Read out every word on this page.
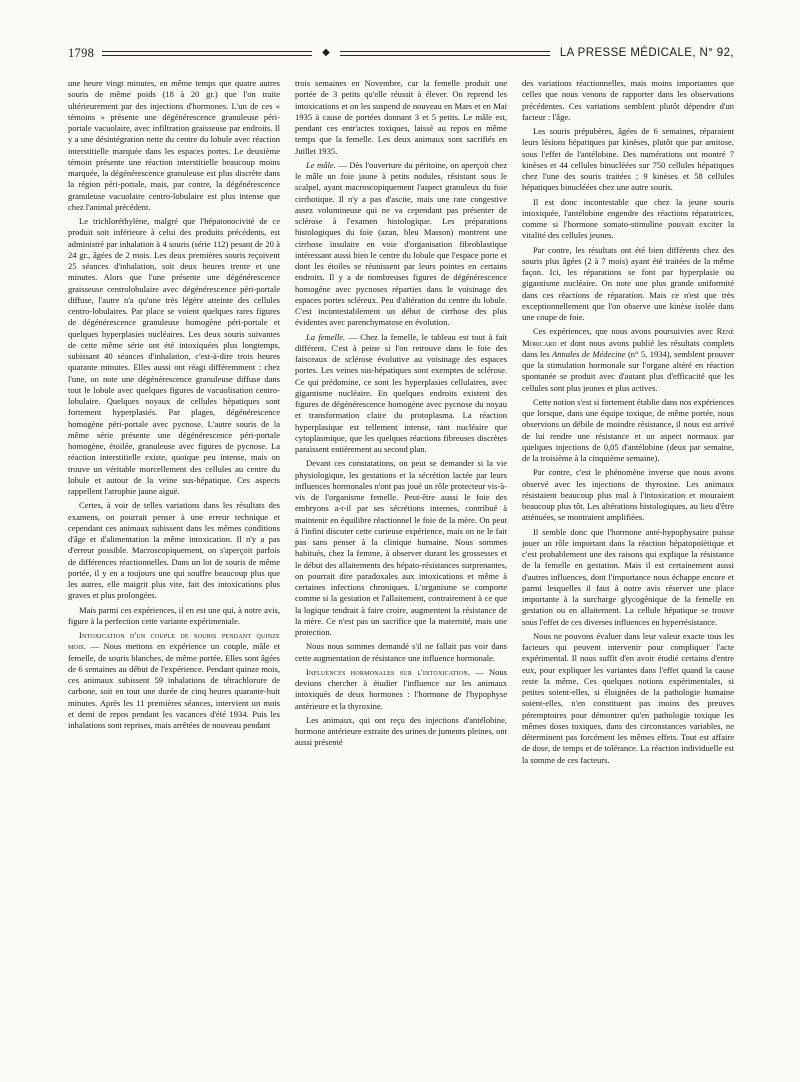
1798	◆	LA PRESSE MÉDICALE, N° 92,

une heure vingt minutes, en même temps que quatre autres souris de même poids (18 à 20 gr.) que l'on traite ultérieurement par des injections d'hormones. L'un de ces « témoins » présente une dégénérescence granuleuse péri-portale vacuolaire, avec infiltration graisseuse par endroits. Il y a une désintégration nette du centre du lobule avec réaction interstitielle marquée dans les espaces portes. Le deuxième témoin présente une réaction interstitielle beaucoup moins marquée, la dégénérescence granuleuse est plus discrète dans la région péri-portale, mais, par contre, la dégénérescence granuleuse vacuolaire centro-lobulaire est plus intense que chez l'animal précédent.

Le trichloréthylène, malgré que l'hépatonocivité de ce produit soit inférieure à celui des produits précédents, est administré par inhalation à 4 souris (série 112) pesant de 20 à 24 gr., âgées de 2 mois. Les deux premières souris reçoivent 25 séances d'inhalation, soit deux heures trente et une minutes. Alors que l'une présente une dégénérescence graisseuse centrolobulaire avec dégénérescence péri-portale diffuse, l'autre n'a qu'une très légère atteinte des cellules centro-lobulaires. Par place se voient quelques rares figures de dégénérescence granuleuse homogène péri-portale et quelques hyperplasies nucléaires. Les deux souris suivantes de cette même série ont été intoxiquées plus longtemps, subissant 40 séances d'inhalation, c'est-à-dire trois heures quarante minutes. Elles aussi ont réagi différemment : chez l'une, on note une dégénérescence granuleuse diffuse dans tout le lobule avec quelques figures de vacuolisation centro-lobulaire. Quelques noyaux de cellules hépatiques sont fortement hyperplasiés. Par plages, dégénérescence homogène péri-portale avec pycnose. L'autre souris de la même série présente une dégénérescence péri-portale homogène, étoilée, granuleuse avec figures de pycnose. La réaction interstitielle existe, quoique peu intense, mais on trouve un véritable morcellement des cellules au centre du lobule et autour de la veine sus-hépatique. Ces aspects rappellent l'atrophie jaune aiguë.

Certes, à voir de telles variations dans les résultats des examens, on pourrait penser à une erreur technique et cependant ces animaux subissent dans les mêmes conditions d'âge et d'alimentation la même intoxication. Il n'y a pas d'erreur possible. Macroscopiquement, on s'aperçoit parfois de différences réactionnelles. Dans un lot de souris de même portée, il y en a toujours une qui souffre beaucoup plus que les autres, elle maigrit plus vite, fait des intoxications plus graves et plus prolongées.

Mais parmi ces expériences, il en est une qui, à notre avis, figure à la perfection cette variante expérimentale.

Intoxication d'un couple de souris pendant quinze mois. — Nous mettons en expérience un couple, mâle et femelle, de souris blanches, de même portée. Elles sont âgées de 6 semaines au début de l'expérience. Pendant quinze mois, ces animaux subissent 59 inhalations de tétrachlorure de carbone, soit en tout une durée de cinq heures quarante-huit minutes. Après les 11 premières séances, intervient un mois et demi de repos pendant les vacances d'été 1934. Puis les inhalations sont reprises, mais arrêtées de nouveau pendant

trois semaines en Novembre, car la femelle produit une portée de 3 petits qu'elle réussit à élever. On reprend les intoxications et on les suspend de nouveau en Mars et en Mai 1935 à cause de portées donnant 3 et 5 petits. Le mâle est, pendant ces entr'actes toxiques, laissé au repos en même temps que la femelle. Les deux animaux sont sacrifiés en Juillet 1935.

Le mâle. — Dès l'ouverture du péritoine, on aperçoit chez le mâle un foie jaune à petits nodules, résistant sous le scalpel, ayant macroscopiquement l'aspect granuleux du foie cirrhotique. Il n'y a pas d'ascite, mais une rate congestive assez volumineuse qui ne va cependant pas présenter de sclérose à l'examen histologique. Les préparations histologiques du foie (azan, bleu Masson) montrent une cirrhose insulaire en voie d'organisation fibroblastique intéressant aussi bien le centre du lobule que l'espace porte et dont les étoiles se réunissent par leurs pointes en certains endroits. Il y a de nombreuses figures de dégénérescence homogène avec pycnoses réparties dans le voisinage des espaces portes scléreux. Peu d'altération du centre du lobule. C'est incontestablement un début de cirrhose des plus évidentes avec parenchymatose en évolution.

La femelle. — Chez la femelle, le tableau est tout à fait différent. C'est à peine si l'on retrouve dans le foie des faisceaux de sclérose évolutive au voisinage des espaces portes. Les veines sus-hépatiques sont exemptes de sclérose. Ce qui prédomine, ce sont les hyperplasies cellulaires, avec gigantisme nucléaire. En quelques endroits existent des figures de dégénérescence homogène avec pycnose du noyau et transformation claire du protoplasma. La réaction hyperplasique est tellement intense, tant nucléaire que cytoplasmique, que les quelques réactions fibreuses discrètes paraissent entièrement au second plan.

Devant ces constatations, on peut se demander si la vie physiologique, les gestations et la sécrétion lactée par leurs influences hormonales n'ont pas joué un rôle protecteur vis-à-vis de l'organisme femelle. Peut-être aussi le foie des embryons a-t-il par ses sécrétions internes, contribué à maintenir en équilibre réactionnel le foie de la mère. On peut à l'infini discuter cette curieuse expérience, mais on ne le fait pas sans penser à la clinique humaine. Nous sommes habitués, chez la femme, à observer durant les grossesses et le début des allaitements des hépato-résistances surprenantes, on pourrait dire paradoxales aux intoxications et même à certaines infections chroniques. L'organisme se comporte comme si la gestation et l'allaitement, contrairement à ce que la logique tendrait à faire croire, augmentent la résistance de la mère. Ce n'est pas un sacrifice que la maternité, mais une protection.

Nous nous sommes demandé s'il ne fallait pas voir dans cette augmentation de résistance une influence hormonale.

Influences hormonales sur l'intoxication. — Nous devions chercher à étudier l'influence sur les animaux intoxiqués de deux hormones : l'hormone de l'hypophyse antérieure et la thyroxine.

Les animaux, qui ont reçu des injections d'antélobine, hormone antérieure extraite des urines de juments pleines, ont aussi présenté

des variations réactionnelles, mais moins importantes que celles que nous venons de rapporter dans les observations précédentes. Ces variations semblent plutôt dépendre d'un facteur : l'âge.

Les souris prépubères, âgées de 6 semaines, réparaient leurs lésions hépatiques par kinèses, plutôt que par amitose, sous l'effet de l'antélobine. Des numérations ont montré 7 kinèses et 44 cellules binucléées sur 750 cellules hépatiques chez l'une des souris traitées ; 9 kinèses et 58 cellules hépatiques binucléées chez une autre souris.

Il est donc incontestable que chez la jeune souris intoxiquée, l'antélobine engendre des réactions réparatrices, comme si l'hormone somato-stimuline pouvait exciter la vitalité des cellules jeunes.

Par contre, les résultats ont été bien différents chez des souris plus âgées (2 à 7 mois) ayant été traitées de la même façon. Ici, les réparations se font par hyperplasie ou gigantisme nucléaire. On note une plus grande uniformité dans ces réactions de réparation. Mais ce n'est que très exceptionnellement que l'on observe une kinèse isolée dans une coupe de foie.

Ces expériences, que nous avons poursuivies avec René Moricard et dont nous avons publié les résultats complets dans les Annales de Médecine (n° 5, 1934), semblent prouver que la stimulation hormonale sur l'organe altéré en réaction spontanée se produit avec d'autant plus d'efficacité que les cellules sont plus jeunes et plus actives.

Cette notion s'est si fortement établie dans nos expériences que lorsque, dans une équipe toxique, de même portée, nous observions un débile de moindre résistance, il nous est arrivé de lui rendre une résistance et un aspect normaux par quelques injections de 0,05 d'antélobine (deux par semaine, de la troisième à la cinquième semaine).

Par contre, c'est le phénomène inverse que nous avons observé avec les injections de thyroxine. Les animaux résistaient beaucoup plus mal à l'intoxication et mouraient beaucoup plus tôt. Les altérations histologiques, au lieu d'être atténuées, se montraient amplifiées.

Il semble donc que l'hormone anté-hypophysaire puisse jouer un rôle important dans la réaction hépatopoïétique et c'est probablement une des raisons qui explique la résistance de la femelle en gestation. Mais il est certainement aussi d'autres influences, dont l'importance nous échappe encore et parmi lesquelles il faut à notre avis réserver une place importante à la surcharge glycogénique de la femelle en gestation ou en allaitement. La cellule hépatique se trouve sous l'effet de ces diverses influences en hyperrésistance.

Nous ne pouvons évaluer dans leur valeur exacte tous les facteurs qui peuvent intervenir pour compliquer l'acte expérimental. Il nous suffit d'en avoir étudié certains d'entre eux, pour expliquer les variantes dans l'effet quand la cause reste la même. Ces quelques notions expérimentales, si petites soient-elles, si éloignées de la pathologie humaine soient-elles, n'en constituent pas moins des preuves péremptoires pour démontrer qu'en pathologie toxique les mêmes doses toxiques, dans des circonstances variables, ne déterminent pas forcément les mêmes effets. Tout est affaire de dose, de temps et de tolérance. La réaction individuelle est la somme de ces facteurs.
